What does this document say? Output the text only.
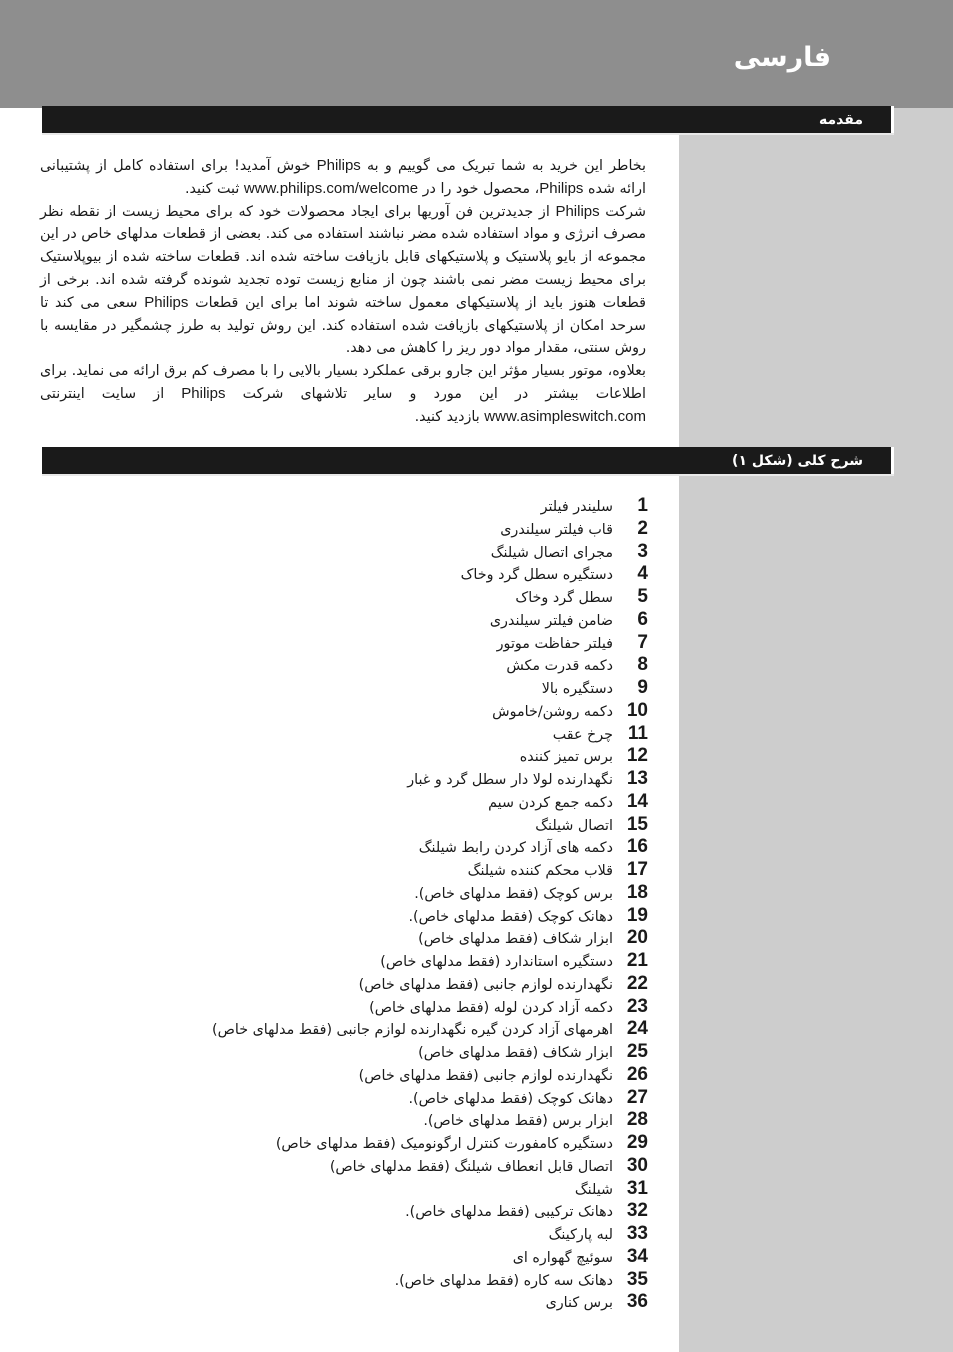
فارسی
مقدمه

بخاطر این خرید به شما تبریک می گوییم و به Philips خوش آمدید! برای استفاده کامل از پشتیبانی ارائه شده Philips، محصول خود را در www.philips.com/welcome ثبت کنید.

شرکت Philips از جدیدترین فن آوریها برای ایجاد محصولات خود که برای محیط زیست از نقطه نظر مصرف انرژی و مواد استفاده شده مضر نباشند استفاده می کند. بعضی از قطعات مدلهای خاص در این مجموعه از بایو پلاستیک و پلاستیکهای قابل بازیافت ساخته شده اند. قطعات ساخته شده از بیوپلاستیک برای محیط زیست مضر نمی باشند چون از منابع زیست توده تجدید شونده گرفته شده اند. برخی از قطعات هنوز باید از پلاستیکهای معمول ساخته شوند اما برای این قطعات Philips سعی می کند تا سرحد امکان از پلاستیکهای بازیافت شده استفاده کند. این روش تولید به طرز چشمگیر در مقایسه با روش سنتی، مقدار مواد دور ریز را کاهش می دهد.

بعلاوه، موتور بسیار مؤثر این جارو برقی عملکرد بسیار بالایی را با مصرف کم برق ارائه می نماید. برای اطلاعات بیشتر در این مورد و سایر تلاشهای شرکت Philips از سایت اینترنتی www.asimpleswitch.com بازدید کنید.

شرح کلی (شکل ۱)
1سلیندر فیلتر
2قاب فیلتر سیلندری
3مجرای اتصال شیلنگ
4دستگیره سطل گرد وخاک
5سطل گرد وخاک
6ضامن فیلتر سیلندری
7فیلتر حفاظت موتور
8دکمه قدرت مکش
9دستگیره بالا
10دکمه روشن/خاموش
11چرخ عقب
12برس تمیز کننده
13نگهدارنده لولا دار سطل گرد و غبار
14دکمه جمع کردن سیم
15اتصال شیلنگ
16دکمه های آزاد کردن رابط شیلنگ
17قلاب محکم کننده شیلنگ
18برس کوچک (فقط مدلهای خاص).
19دهانک کوچک (فقط مدلهای خاص).
20ابزار شکاف (فقط مدلهای خاص)
21دستگیره استاندارد (فقط مدلهای خاص)
22نگهدارنده لوازم جانبی (فقط مدلهای خاص)
23دکمه آزاد کردن لوله (فقط مدلهای خاص)
24اهرمهای آزاد کردن گیره نگهدارنده لوازم جانبی (فقط مدلهای خاص)
25ابزار شکاف (فقط مدلهای خاص)
26نگهدارنده لوازم جانبی (فقط مدلهای خاص)
27دهانک کوچک (فقط مدلهای خاص).
28ابزار برس (فقط مدلهای خاص).
29دستگیره کامفورت کنترل ارگونومیک (فقط مدلهای خاص)
30اتصال قابل انعطاف شیلنگ (فقط مدلهای خاص)
31شیلنگ
32دهانک ترکیبی (فقط مدلهای خاص).
33لبه پارکینگ
34سوئیچ گهواره ای
35دهانک سه کاره (فقط مدلهای خاص).
36برس کناری
